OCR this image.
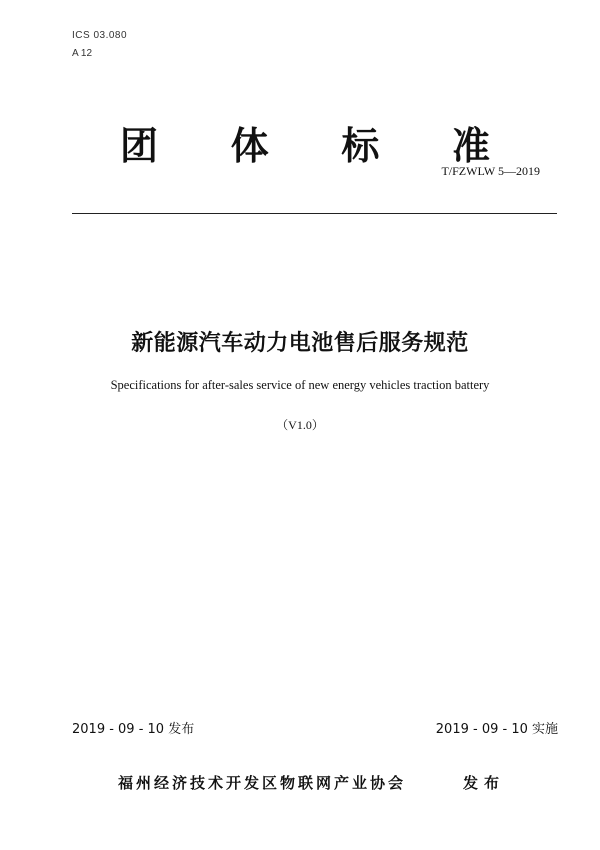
ICS 03.080
A 12
团 体 标 准
T/FZWLW 5—2019
新能源汽车动力电池售后服务规范
Specifications for after-sales service of new energy vehicles traction battery
（V1.0）
2019 - 09 - 10 发布	2019 - 09 - 10 实施
福州经济技术开发区物联网产业协会	发布
